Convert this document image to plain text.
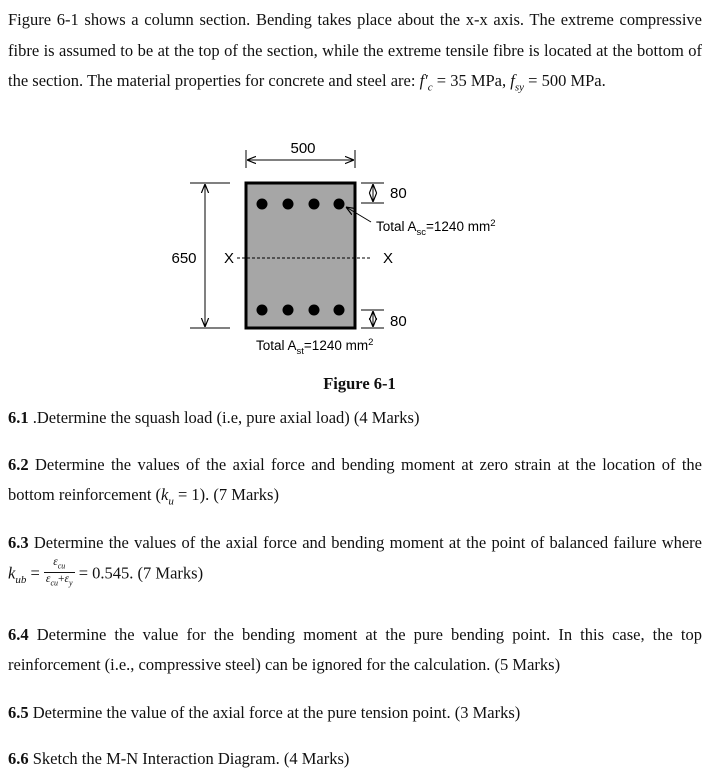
Figure 6-1 shows a column section. Bending takes place about the x-x axis. The extreme compressive fibre is assumed to be at the top of the section, while the extreme tensile fibre is located at the bottom of the section. The material properties for concrete and steel are: $f'_c = 35$ MPa, $f_{sy} = 500$ MPa.
500
650 X	X
80
Total $A_{sc}=1240$ $mm^2$
80
Total $A_{st}=1240$ $mm^2$
Figure 6-1
6.1 .Determine the squash load (i.e, pure axial load) (4 Marks)
6.2 Determine the values of the axial force and bending moment at zero strain at the location of the bottom reinforcement $(k_u = 1)$. (7 Marks)
6.3 Determine the values of the axial force and bending moment at the point of balanced failure where $k_{ub} = \frac{\varepsilon_{cu}}{\varepsilon_{cu}+\varepsilon_y} = 0.545$. (7 Marks)
6.4 Determine the value for the bending moment at the pure bending point. In this case, the top reinforcement (i.e., compressive steel) can be ignored for the calculation. (5 Marks)
6.5 Determine the value of the axial force at the pure tension point. (3 Marks)
6.6 Sketch the M-N Interaction Diagram. (4 Marks)
